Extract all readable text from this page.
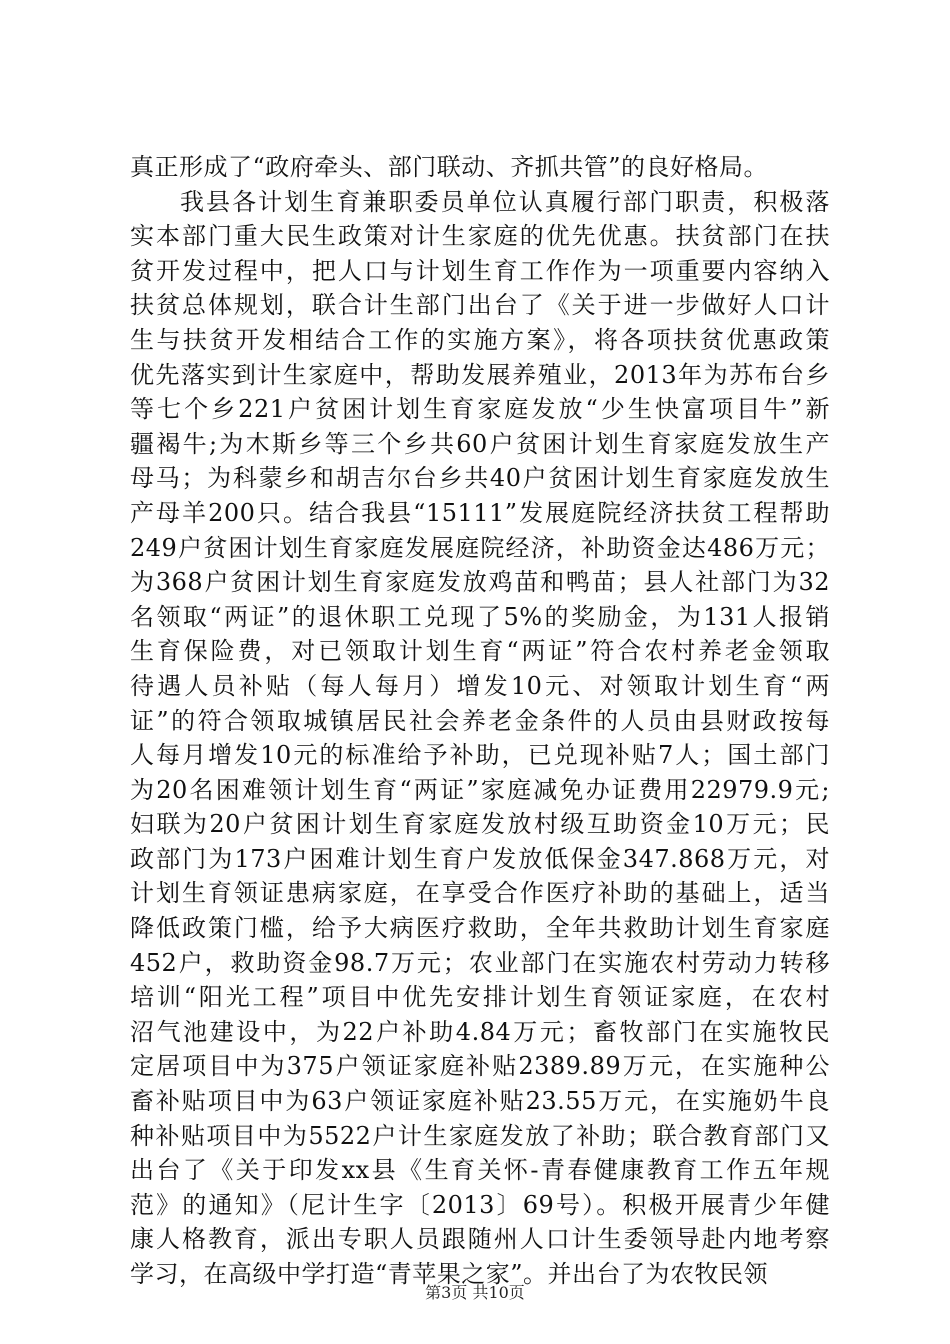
真正形成了“政府牵头、部门联动、齐抓共管”的良好格局。
我县各计划生育兼职委员单位认真履行部门职责，积极落
实本部门重大民生政策对计生家庭的优先优惠。扶贫部门在扶
贫开发过程中，把人口与计划生育工作作为一项重要内容纳入
扶贫总体规划，联合计生部门出台了《关于进一步做好人口计
生与扶贫开发相结合工作的实施方案》，将各项扶贫优惠政策
优先落实到计生家庭中，帮助发展养殖业，2013年为苏布台乡
等七个乡221户贫困计划生育家庭发放“少生快富项目牛”新
疆褐牛;为木斯乡等三个乡共60户贫困计划生育家庭发放生产
母马；为科蒙乡和胡吉尔台乡共40户贫困计划生育家庭发放生
产母羊200只。结合我县“15111”发展庭院经济扶贫工程帮助
249户贫困计划生育家庭发展庭院经济，补助资金达486万元；
为368户贫困计划生育家庭发放鸡苗和鸭苗；县人社部门为32
名领取“两证”的退休职工兑现了5%的奖励金，为131人报销
生育保险费，对已领取计划生育“两证”符合农村养老金领取
待遇人员补贴（每人每月）增发10元、对领取计划生育“两
证”的符合领取城镇居民社会养老金条件的人员由县财政按每
人每月增发10元的标准给予补助，已兑现补贴7人；国土部门
为20名困难领计划生育“两证”家庭减免办证费用22979.9元;
妇联为20户贫困计划生育家庭发放村级互助资金10万元；民
政部门为173户困难计划生育户发放低保金347.868万元，对
计划生育领证患病家庭，在享受合作医疗补助的基础上，适当
降低政策门槛，给予大病医疗救助，全年共救助计划生育家庭
452户，救助资金98.7万元；农业部门在实施农村劳动力转移
培训“阳光工程”项目中优先安排计划生育领证家庭，在农村
沼气池建设中，为22户补助4.84万元；畜牧部门在实施牧民
定居项目中为375户领证家庭补贴2389.89万元，在实施种公
畜补贴项目中为63户领证家庭补贴23.55万元，在实施奶牛良
种补贴项目中为5522户计生家庭发放了补助；联合教育部门又
出台了《关于印发xx县《生育关怀-青春健康教育工作五年规
范》的通知》（尼计生字〔2013〕69号）。积极开展青少年健
康人格教育，派出专职人员跟随州人口计生委领导赴内地考察
学习，在高级中学打造“青苹果之家”。并出台了为农牧民领
第3页 共10页
